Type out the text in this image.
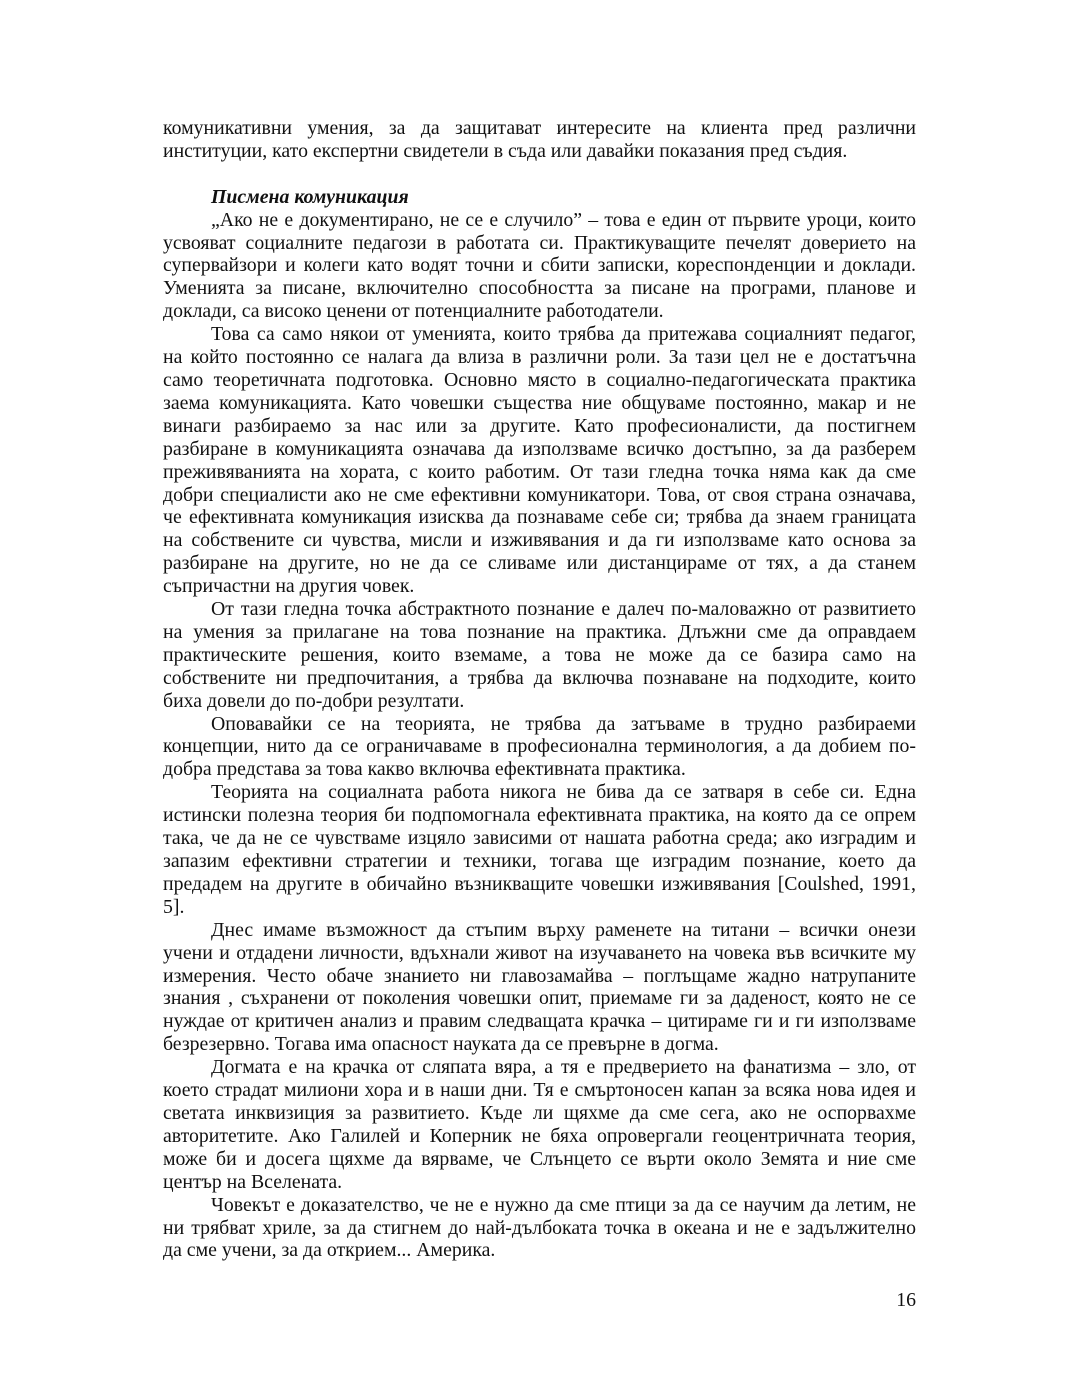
комуникативни умения, за да защитават интересите на клиента пред различни
институции, като експертни свидетели в съда или давайки показания пред съдия.
Писмена комуникация
„Ако не е документирано, не се е случило” – това е един от първите уроци, които
усвояват социалните педагози в работата си. Практикуващите печелят доверието на
супервайзори и колеги като водят точни и сбити записки, кореспонденции и доклади.
Уменията за писане, включително способността за писане на програми, планове и
доклади, са високо ценени от потенциалните работодатели.
Това са само някои от уменията, които трябва да притежава социалният педагог,
на който постоянно се налага да влиза в различни роли. За тази цел не е достатъчна
само теоретичната подготовка. Основно място в социално-педагогическата практика
заема комуникацията. Като човешки същества ние общуваме постоянно, макар и не
винаги разбираемо за нас или за другите. Като професионалисти, да постигнем
разбиране в комуникацията означава да използваме всичко достъпно, за да разберем
преживяванията на хората, с които работим. От тази гледна точка няма как да сме
добри специалисти ако не сме ефективни комуникатори. Това, от своя страна означава,
че ефективната комуникация изисква да познаваме себе си; трябва да знаем границата
на собствените си чувства, мисли и изживявания и да ги използваме като основа за
разбиране на другите, но не да се сливаме или дистанцираме от тях, а да станем
съпричастни на другия човек.
От тази гледна точка абстрактното познание е далеч по-маловажно от развитието
на умения за прилагане на това познание на практика. Длъжни сме да оправдаем
практическите решения, които вземаме, а това не може да се базира само на
собствените ни предпочитания, а трябва да включва познаване на подходите, които
биха довели до по-добри резултати.
Оповавайки се на теорията, не трябва да затъваме в трудно разбираеми
концепции, нито да се ограничаваме в професионална терминология, а да добием по-
добра представа за това какво включва ефективната практика.
Теорията на социалната работа никога не бива да се затваря в себе си. Една
истински полезна теория би подпомогнала ефективната практика, на която да се опрем
така, че да не се чувстваме изцяло зависими от нашата работна среда; ако изградим и
запазим ефективни стратегии и техники, тогава ще изградим познание, което да
предадем на другите в обичайно възникващите човешки изживявания [Coulshed, 1991,
5].
Днес имаме възможност да стъпим върху раменете на титани – всички онези
учени и отдадени личности, вдъхнали живот на изучаването на човека във всичките му
измерения. Често обаче знанието ни главозамайва – поглъщаме жадно натрупаните
знания , съхранени от поколения човешки опит, приемаме ги за даденост, която не се
нуждае от критичен анализ и правим следващата крачка – цитираме ги и ги използваме
безрезервно. Тогава има опасност науката да се превърне в догма.
Догмата е на крачка от сляпата вяра, а тя е предверието на фанатизма – зло, от
което страдат милиони хора и в наши дни. Тя е смъртоносен капан за всяка нова идея и
светата инквизиция за развитието. Къде ли щяхме да сме сега, ако не оспорвахме
авторитетите. Ако Галилей и Коперник не бяха опровергали геоцентричната теория,
може би и досега щяхме да вярваме, че Слънцето се върти около Земята и ние сме
център на Вселената.
Човекът е доказателство, че не е нужно да сме птици за да се научим да летим, не
ни трябват хриле, за да стигнем до най-дълбоката точка в океана и не е задължително
да сме учени, за да открием... Америка.
16
